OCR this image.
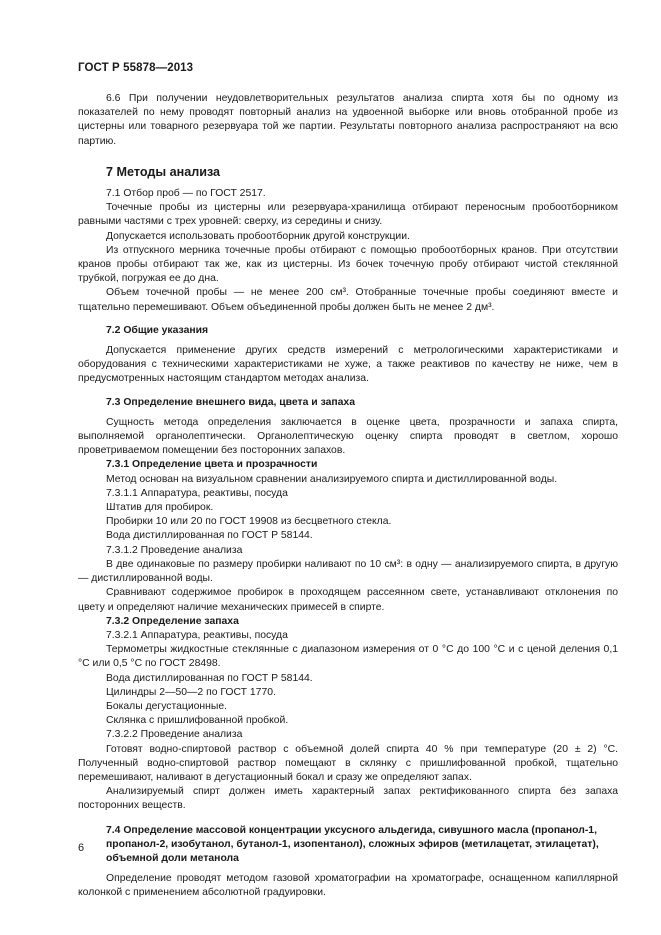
ГОСТ Р 55878—2013

6.6 При получении неудовлетворительных результатов анализа спирта хотя бы по одному из показателей по нему проводят повторный анализ на удвоенной выборке или вновь отобранной пробе из цистерны или товарного резервуара той же партии. Результаты повторного анализа распространяют на всю партию.

7 Методы анализа

7.1 Отбор проб — по ГОСТ 2517.

Точечные пробы из цистерны или резервуара-хранилища отбирают переносным пробоотборником равными частями с трех уровней: сверху, из середины и снизу.

Допускается использовать пробоотборник другой конструкции.

Из отпускного мерника точечные пробы отбирают с помощью пробоотборных кранов. При отсутствии кранов пробы отбирают так же, как из цистерны. Из бочек точечную пробу отбирают чистой стеклянной трубкой, погружая ее до дна.

Объем точечной пробы — не менее 200 см³. Отобранные точечные пробы соединяют вместе и тщательно перемешивают. Объем объединенной пробы должен быть не менее 2 дм³.

7.2 Общие указания

Допускается применение других средств измерений с метрологическими характеристиками и оборудования с техническими характеристиками не хуже, а также реактивов по качеству не ниже, чем в предусмотренных настоящим стандартом методах анализа.

7.3 Определение внешнего вида, цвета и запаха

Сущность метода определения заключается в оценке цвета, прозрачности и запаха спирта, выполняемой органолептически. Органолептическую оценку спирта проводят в светлом, хорошо проветриваемом помещении без посторонних запахов.

7.3.1 Определение цвета и прозрачности

Метод основан на визуальном сравнении анализируемого спирта и дистиллированной воды.

7.3.1.1 Аппаратура, реактивы, посуда

Штатив для пробирок.

Пробирки 10 или 20 по ГОСТ 19908 из бесцветного стекла.

Вода дистиллированная по ГОСТ Р 58144.

7.3.1.2 Проведение анализа

В две одинаковые по размеру пробирки наливают по 10 см³: в одну — анализируемого спирта, в другую — дистиллированной воды.

Сравнивают содержимое пробирок в проходящем рассеянном свете, устанавливают отклонения по цвету и определяют наличие механических примесей в спирте.

7.3.2 Определение запаха

7.3.2.1 Аппаратура, реактивы, посуда

Термометры жидкостные стеклянные с диапазоном измерения от 0 °С до 100 °С и с ценой деления 0,1 °С или 0,5 °С по ГОСТ 28498.

Вода дистиллированная по ГОСТ Р 58144.

Цилиндры 2—50—2 по ГОСТ 1770.

Бокалы дегустационные.

Склянка с пришлифованной пробкой.

7.3.2.2 Проведение анализа

Готовят водно-спиртовой раствор с объемной долей спирта 40 % при температуре (20 ± 2) °С. Полученный водно-спиртовой раствор помещают в склянку с пришлифованной пробкой, тщательно перемешивают, наливают в дегустационный бокал и сразу же определяют запах.

Анализируемый спирт должен иметь характерный запах ректификованного спирта без запаха посторонних веществ.

7.4 Определение массовой концентрации уксусного альдегида, сивушного масла (пропанол-1, пропанол-2, изобутанол, бутанол-1, изопентанол), сложных эфиров (метилацетат, этилацетат), объемной доли метанола

Определение проводят методом газовой хроматографии на хроматографе, оснащенном капиллярной колонкой с применением абсолютной градуировки.

6
